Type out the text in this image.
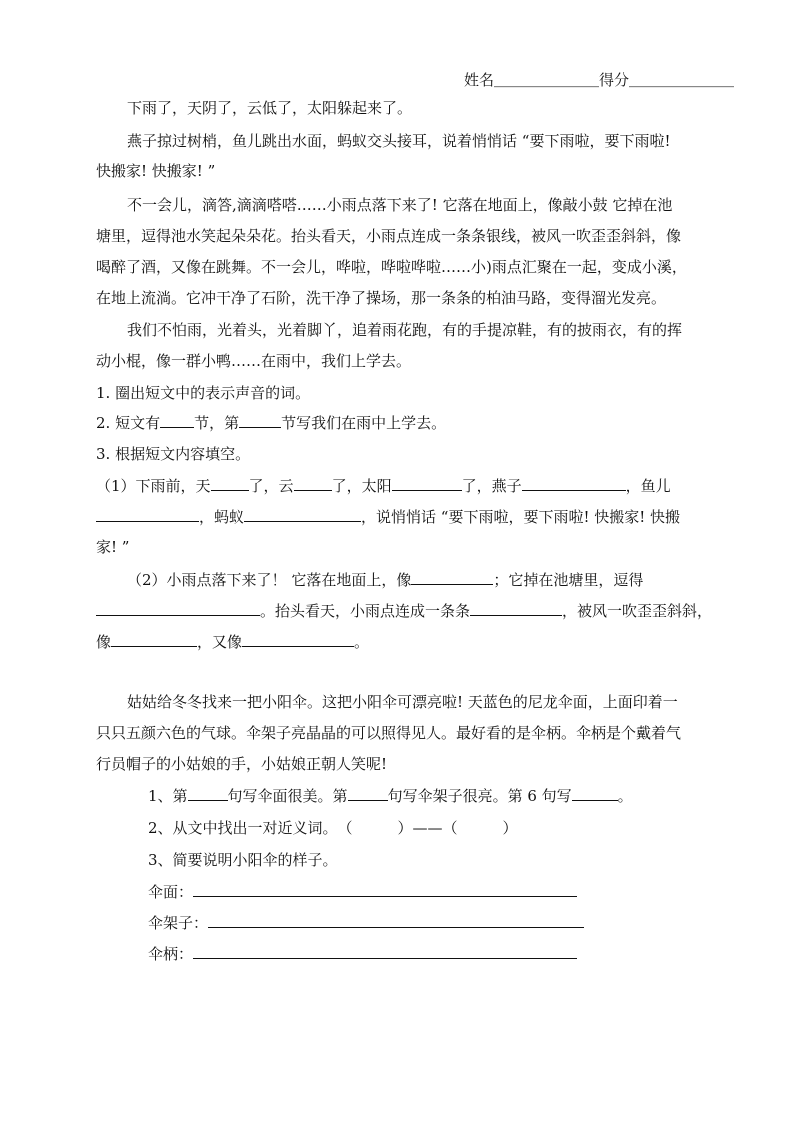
姓名＿＿＿＿＿＿＿得分＿＿＿＿＿＿＿
下雨了，天阴了，云低了，太阳躲起来了。
燕子掠过树梢，鱼儿跳出水面，蚂蚁交头接耳，说着悄悄话 “要下雨啦，要下雨啦!
快搬家! 快搬家! ”
不一会儿，滴答,滴滴嗒嗒……小雨点落下来了! 它落在地面上，像敲小鼓 它掉在池
塘里，逗得池水笑起朵朵花。抬头看天，小雨点连成一条条银线，被风一吹歪歪斜斜，像
喝醉了酒，又像在跳舞。不一会儿，哗啦，哗啦哗啦……小)雨点汇聚在一起，变成小溪，
在地上流淌。它冲干净了石阶，洗干净了操场，那一条条的柏油马路，变得溜光发亮。
我们不怕雨，光着头，光着脚丫，追着雨花跑，有的手提凉鞋，有的披雨衣，有的挥
动小棍，像一群小鸭……在雨中，我们上学去。
1. 圈出短文中的表示声音的词。
2. 短文有 节，第	节写我们在雨中上学去。
3. 根据短文内容填空。
（1）下雨前，天	了，云	了，太阳	了，燕子	，鱼儿
，蚂蚁	，说悄悄话 “要下雨啦，要下雨啦! 快搬家! 快搬
家! ”
（2）小雨点落下来了！ 它落在地面上，像	；它掉在池塘里，逗得
。抬头看天，小雨点连成一条条	，被风一吹歪歪斜斜，
像	，又像	。
姑姑给冬冬找来一把小阳伞。这把小阳伞可漂亮啦! 天蓝色的尼龙伞面，上面印着一
只只五颜六色的气球。伞架子亮晶晶的可以照得见人。最好看的是伞柄。伞柄是个戴着气
行员帽子的小姑娘的手，小姑娘正朝人笑呢!
1、第	句写伞面很美。第	句写伞架子很亮。第 6 句写	。
2、从文中找出一对近义词。　（　　　）——（　　　）
3、简要说明小阳伞的样子。
伞面：
伞架子：
伞柄：
